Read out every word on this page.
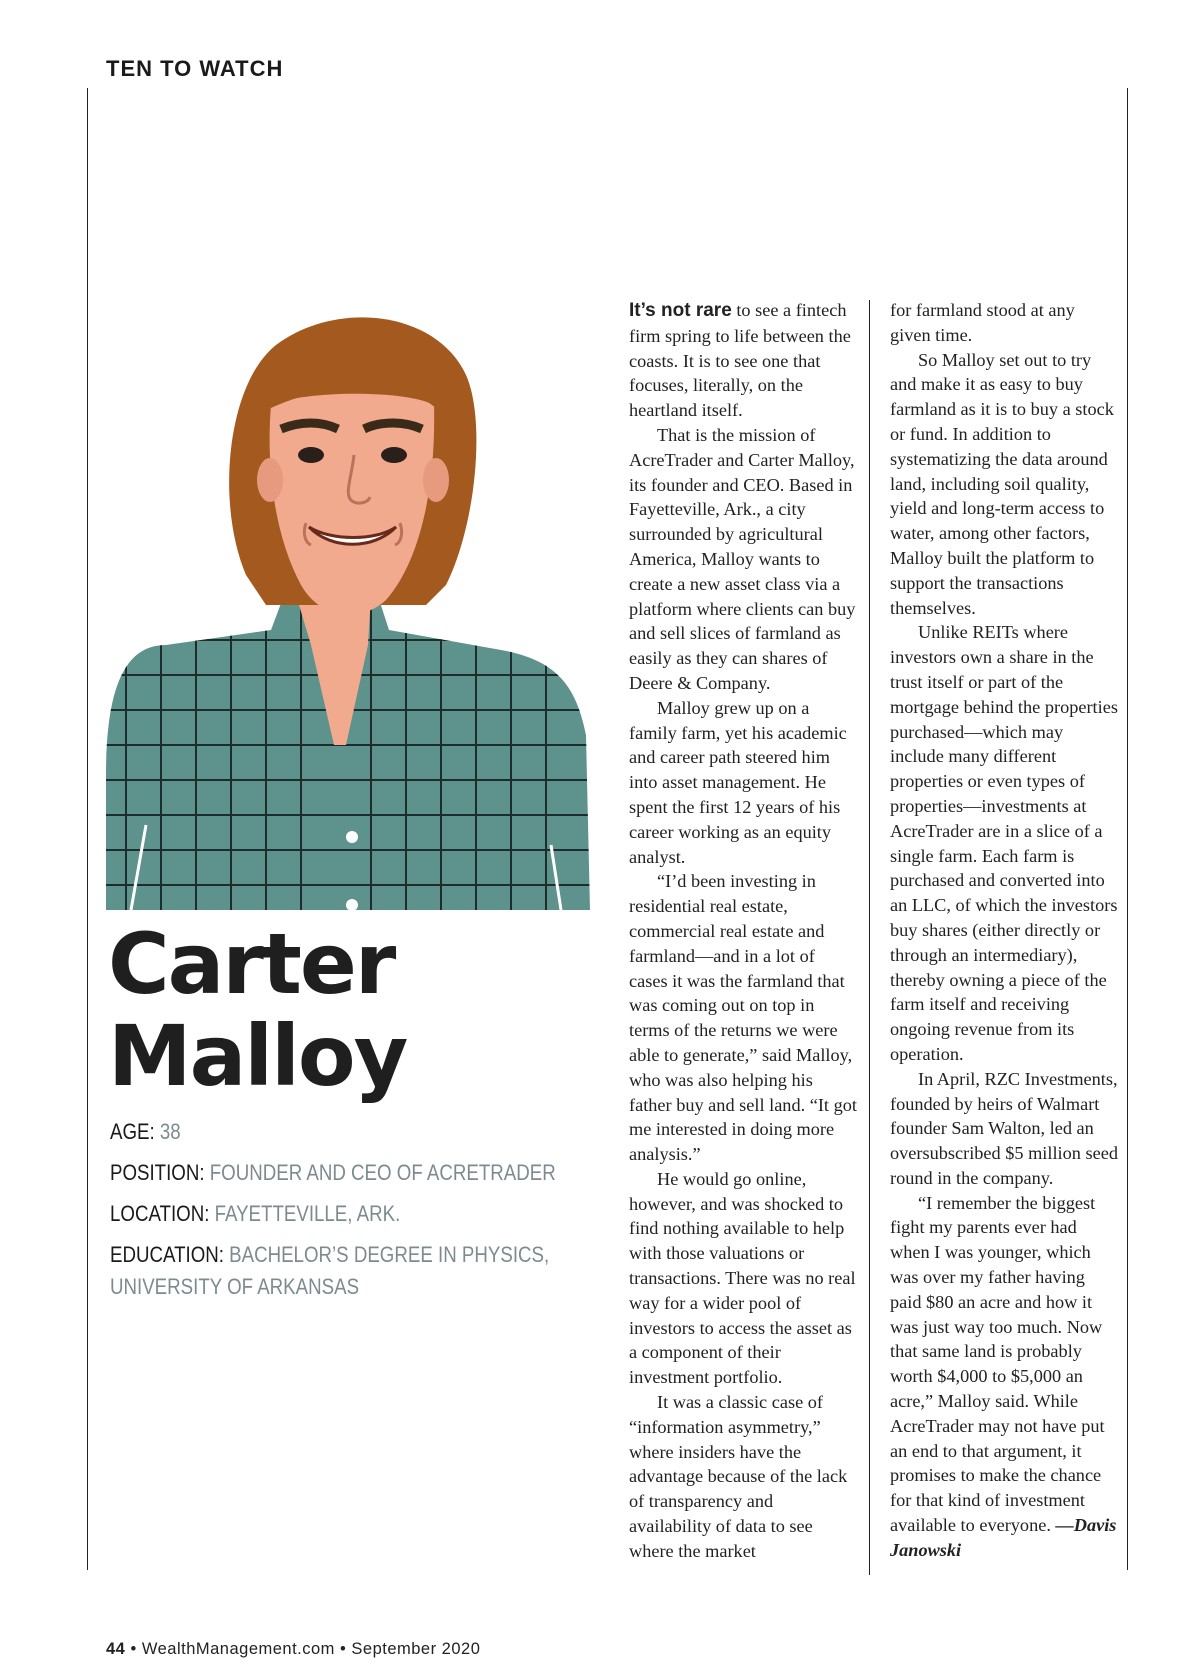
TEN TO WATCH
Carter
Malloy
AGE: 38
POSITION: FOUNDER AND CEO OF ACRETRADER
LOCATION: FAYETTEVILLE, ARK.
EDUCATION: BACHELOR’S DEGREE IN PHYSICS, UNIVERSITY OF ARKANSAS

It’s not rare to see a fintech firm spring to life between the coasts. It is to see one that focuses, literally, on the heartland itself.

That is the mission of AcreTrader and Carter Malloy, its founder and CEO. Based in Fayetteville, Ark., a city surrounded by agricultural America, Malloy wants to create a new asset class via a platform where clients can buy and sell slices of farmland as easily as they can shares of Deere & Company.

Malloy grew up on a family farm, yet his academic and career path steered him into asset management. He spent the first 12 years of his career working as an equity analyst.

“I’d been investing in residential real estate, commercial real estate and farmland—and in a lot of cases it was the farmland that was coming out on top in terms of the returns we were able to generate,” said Malloy, who was also helping his father buy and sell land. “It got me interested in doing more analysis.”

He would go online, however, and was shocked to find nothing available to help with those valuations or transactions. There was no real way for a wider pool of investors to access the asset as a component of their investment portfolio.

It was a classic case of “information asymmetry,” where insiders have the advantage because of the lack of transparency and availability of data to see where the market

for farmland stood at any given time.

So Malloy set out to try and make it as easy to buy farmland as it is to buy a stock or fund. In addition to systematizing the data around land, including soil quality, yield and long-term access to water, among other factors, Malloy built the platform to support the transactions themselves.

Unlike REITs where investors own a share in the trust itself or part of the mortgage behind the properties purchased—which may include many different properties or even types of properties—investments at AcreTrader are in a slice of a single farm. Each farm is purchased and converted into an LLC, of which the investors buy shares (either directly or through an intermediary), thereby owning a piece of the farm itself and receiving ongoing revenue from its operation.

In April, RZC Investments, founded by heirs of Walmart founder Sam Walton, led an oversubscribed $5 million seed round in the company.

“I remember the biggest fight my parents ever had when I was younger, which was over my father having paid $80 an acre and how it was just way too much. Now that same land is probably worth $4,000 to $5,000 an acre,” Malloy said. While AcreTrader may not have put an end to that argument, it promises to make the chance for that kind of investment available to everyone. —Davis Janowski

44 • WealthManagement.com • September 2020
